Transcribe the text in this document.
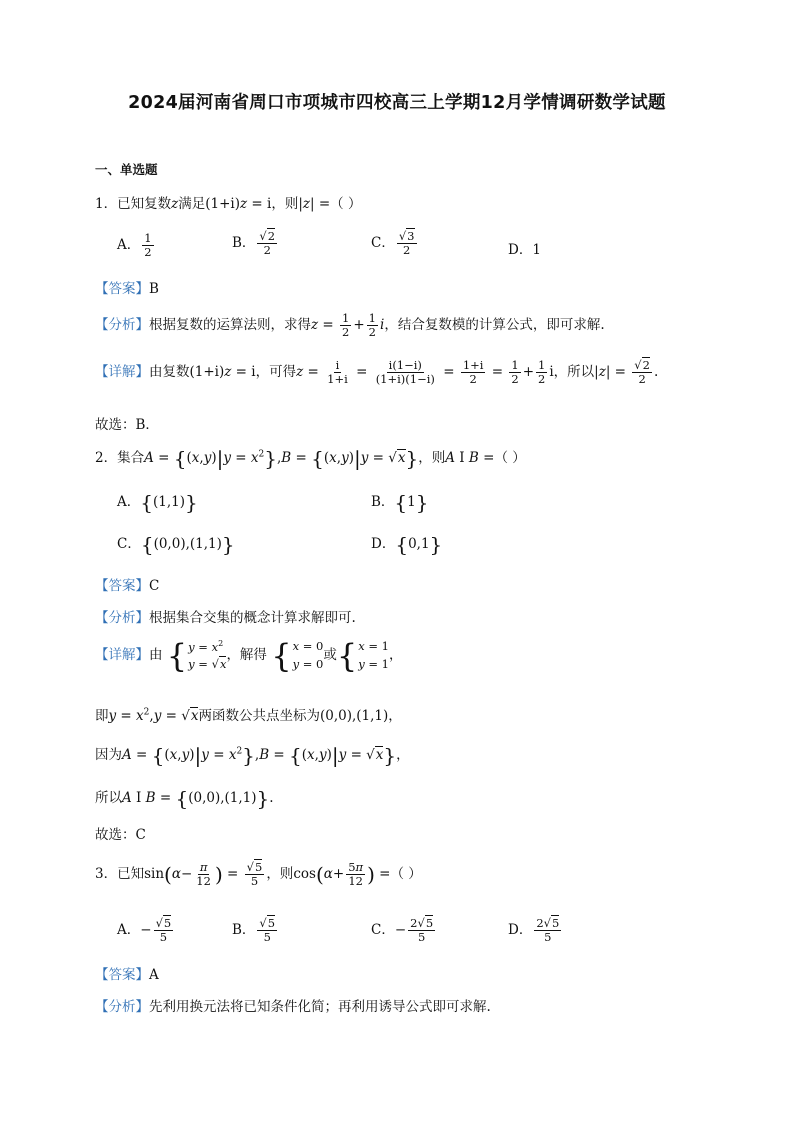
2024届河南省周口市项城市四校高三上学期12月学情调研数学试题
一、单选题
1．已知复数z满足(1+i)z = i，则|z| =（ ）
A． $\frac{1}{2}$	B． $\frac{√2}{2}$	C． $\frac{√3}{2}$	D．1
【答案】B
【分析】根据复数的运算法则，求得$z = \frac{1}{2} + \frac{1}{2}$ i，结合复数模的计算公式，即可求解.
【详解】由复数(1+i)z = i，可得$z = \frac{i}{1+i} = \frac{i(1-i)}{(1+i)(1-i)} = \frac{1+i}{2} = \frac{1}{2} + \frac{1}{2}$ i，所以$|z| = \frac{√2}{2}$ .
故选：B．
2．集合$A = \{(x,y)|y = x^2\},B = \{(x,y)|y = √x\}$，则A I B =（ ）
A．{(1,1)}	B．{1}
C．{(0,0),(1,1)}	D．{0,1}
【答案】C
【分析】根据集合交集的概念计算求解即可.
【详解】由 { $y = x^2$
y = √x
，解得 { x = 0
y = 0
或 { x = 1
y = 1
，
即$y = x^2,y = √x$两函数公共点坐标为(0,0),(1,1)，
因为$A = \{(x,y)|y = x^2\},B = \{(x,y)|y = √x\}$，
所以A I B = {(0,0),(1,1)}.
故选：C
3．已知$\sin(\alpha- \frac{\pi}{12}$ ) = $\frac{√5}{5}$ ，则$\cos(\alpha+ \frac{5\pi}{12}$ ) =（ ）
A．− $\frac{√5}{5}$	B． $\frac{√5}{5}$	C．− $\frac{2√5}{5}$	D． $\frac{2√5}{5}$
【答案】A
【分析】先利用换元法将已知条件化简；再利用诱导公式即可求解.
